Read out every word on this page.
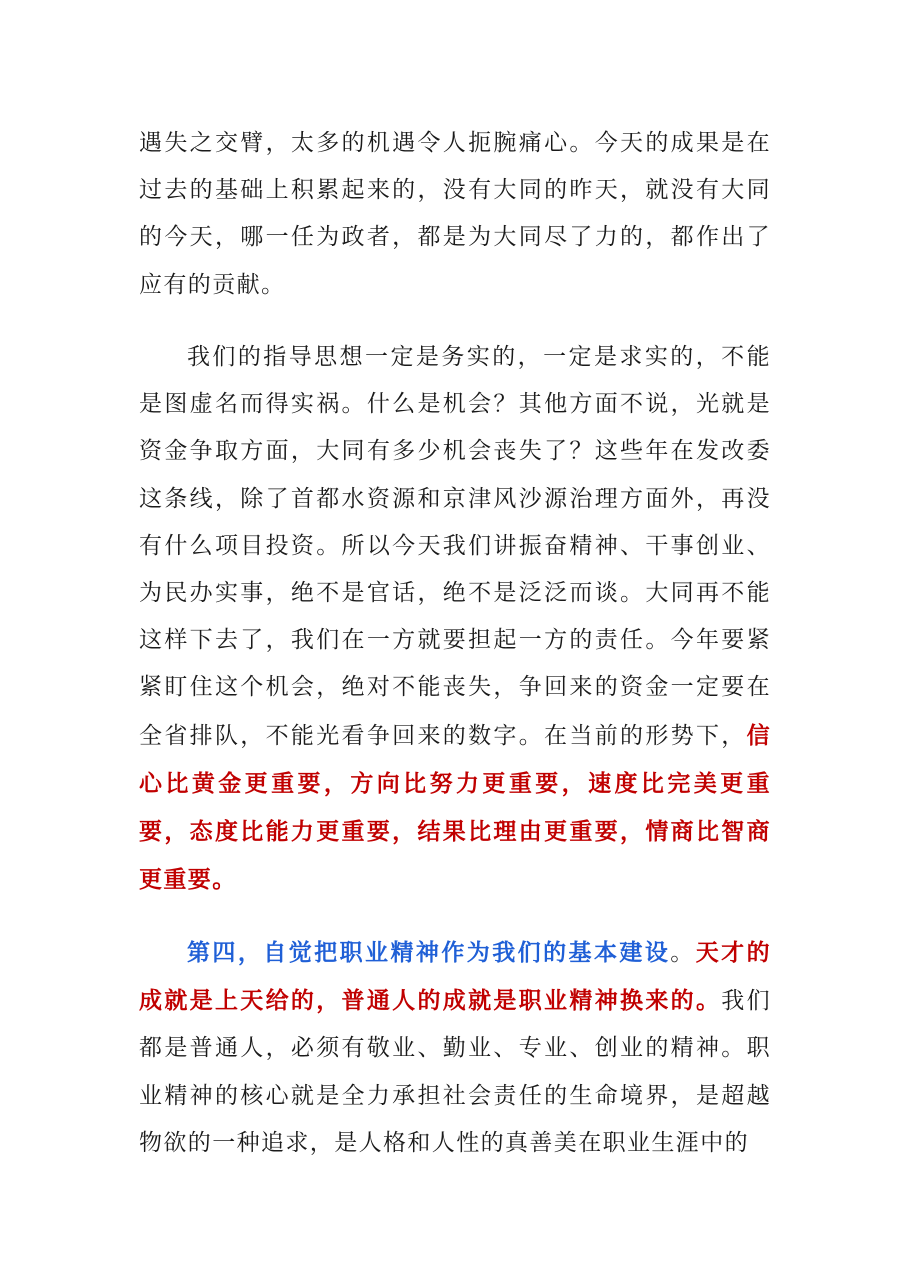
遇失之交臂，太多的机遇令人扼腕痛心。今天的成果是在过去的基础上积累起来的，没有大同的昨天，就没有大同的今天，哪一任为政者，都是为大同尽了力的，都作出了应有的贡献。

我们的指导思想一定是务实的，一定是求实的，不能是图虚名而得实祸。什么是机会？其他方面不说，光就是资金争取方面，大同有多少机会丧失了？这些年在发改委这条线，除了首都水资源和京津风沙源治理方面外，再没有什么项目投资。所以今天我们讲振奋精神、干事创业、为民办实事，绝不是官话，绝不是泛泛而谈。大同再不能这样下去了，我们在一方就要担起一方的责任。今年要紧紧盯住这个机会，绝对不能丧失，争回来的资金一定要在全省排队，不能光看争回来的数字。在当前的形势下，信心比黄金更重要，方向比努力更重要，速度比完美更重要，态度比能力更重要，结果比理由更重要，情商比智商更重要。

第四，自觉把职业精神作为我们的基本建设。天才的成就是上天给的，普通人的成就是职业精神换来的。我们都是普通人，必须有敬业、勤业、专业、创业的精神。职业精神的核心就是全力承担社会责任的生命境界，是超越物欲的一种追求，是人格和人性的真善美在职业生涯中的
